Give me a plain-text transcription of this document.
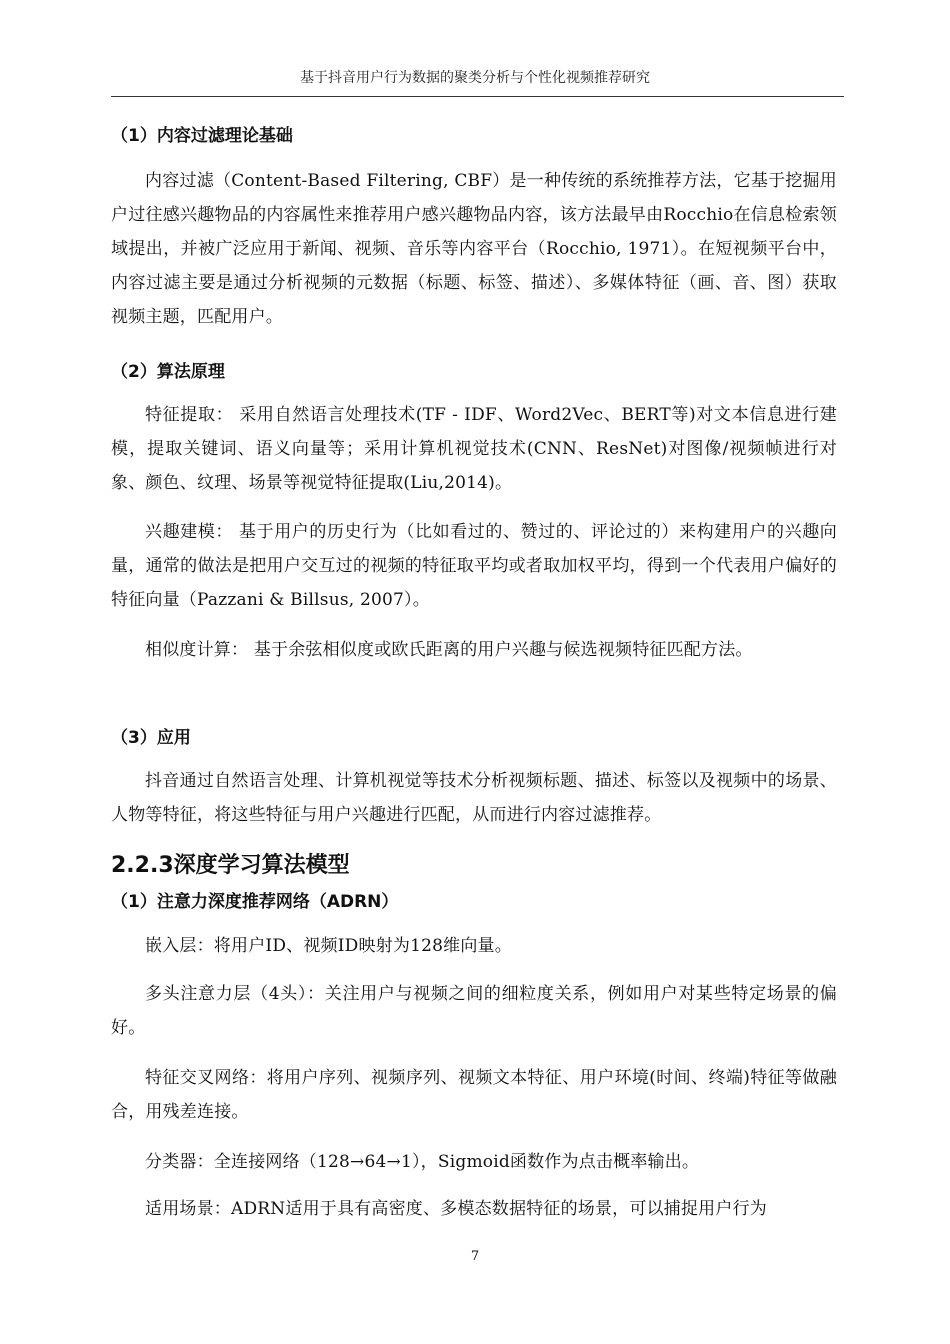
基于抖音用户行为数据的聚类分析与个性化视频推荐研究
（1）内容过滤理论基础

内容过滤（Content-Based Filtering, CBF）是一种传统的系统推荐方法，它基于挖掘用户过往感兴趣物品的内容属性来推荐用户感兴趣物品内容，该方法最早由Rocchio在信息检索领域提出，并被广泛应用于新闻、视频、音乐等内容平台（Rocchio, 1971）。在短视频平台中，内容过滤主要是通过分析视频的元数据（标题、标签、描述）、多媒体特征（画、音、图）获取视频主题，匹配用户。

（2）算法原理

特征提取： 采用自然语言处理技术(TF - IDF、Word2Vec、BERT等)对文本信息进行建模，提取关键词、语义向量等；采用计算机视觉技术(CNN、ResNet)对图像/视频帧进行对象、颜色、纹理、场景等视觉特征提取(Liu,2014)。

兴趣建模： 基于用户的历史行为（比如看过的、赞过的、评论过的）来构建用户的兴趣向量，通常的做法是把用户交互过的视频的特征取平均或者取加权平均，得到一个代表用户偏好的特征向量（Pazzani & Billsus, 2007）。

相似度计算： 基于余弦相似度或欧氏距离的用户兴趣与候选视频特征匹配方法。

（3）应用

抖音通过自然语言处理、计算机视觉等技术分析视频标题、描述、标签以及视频中的场景、人物等特征，将这些特征与用户兴趣进行匹配，从而进行内容过滤推荐。

2.2.3深度学习算法模型
（1）注意力深度推荐网络（ADRN）

嵌入层：将用户ID、视频ID映射为128维向量。

多头注意力层（4头）：关注用户与视频之间的细粒度关系，例如用户对某些特定场景的偏好。

特征交叉网络：将用户序列、视频序列、视频文本特征、用户环境(时间、终端)特征等做融合，用残差连接。

分类器：全连接网络（128→64→1），Sigmoid函数作为点击概率输出。

适用场景：ADRN适用于具有高密度、多模态数据特征的场景，可以捕捉用户行为

7
